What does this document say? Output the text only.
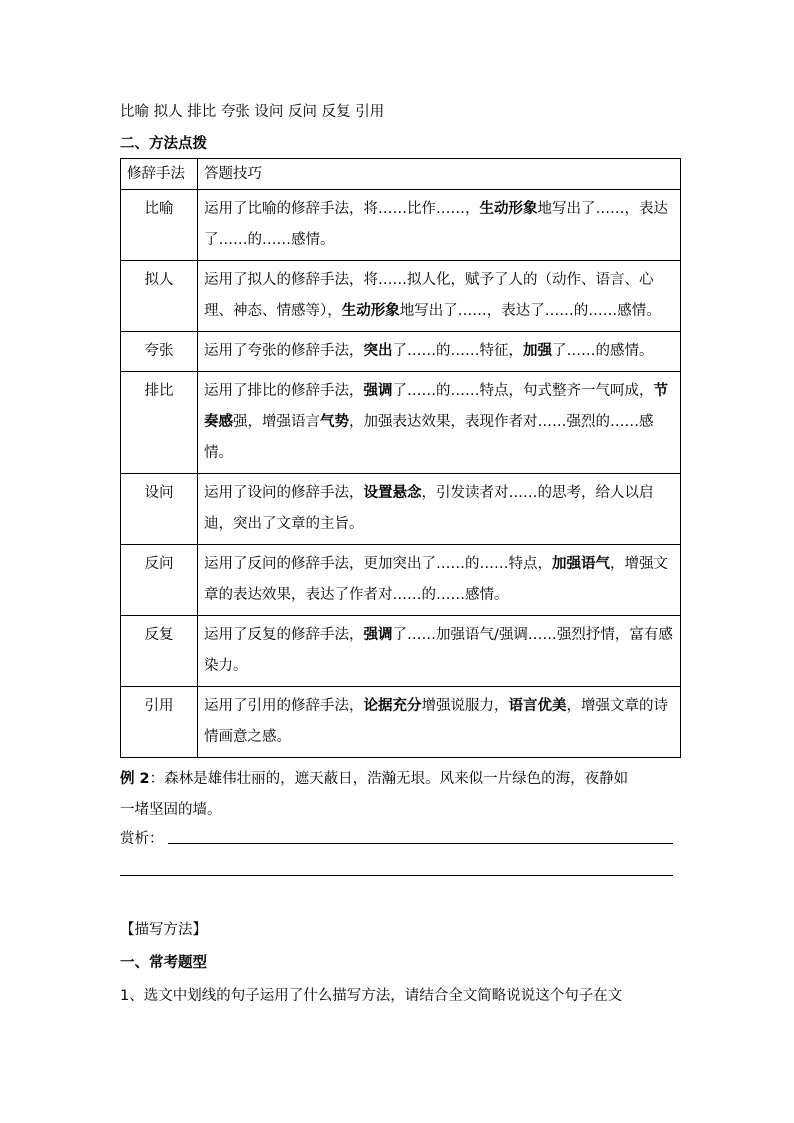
比喻 拟人 排比 夸张 设问 反问 反复 引用
二、方法点拨
修辞手法	答题技巧
比喻	运用了比喻的修辞手法，将……比作……，生动形象地写出了……，表达了……的……感情。
拟人	运用了拟人的修辞手法，将……拟人化，赋予了人的（动作、语言、心理、神态、情感等），生动形象地写出了……，表达了……的……感情。
夸张	运用了夸张的修辞手法，突出了……的……特征，加强了……的感情。
排比	运用了排比的修辞手法，强调了……的……特点，句式整齐一气呵成，节奏感强，增强语言气势，加强表达效果，表现作者对……强烈的……感情。
设问	运用了设问的修辞手法，设置悬念，引发读者对……的思考，给人以启迪，突出了文章的主旨。
反问	运用了反问的修辞手法，更加突出了……的……特点，加强语气，增强文章的表达效果，表达了作者对……的……感情。
反复	运用了反复的修辞手法，强调了……加强语气/强调……强烈抒情，富有感染力。
引用	运用了引用的修辞手法，论据充分增强说服力，语言优美，增强文章的诗情画意之感。
例 2：森林是雄伟壮丽的，遮天蔽日，浩瀚无垠。风来似一片绿色的海，夜静如
一堵坚固的墙。
赏析：
【描写方法】
一、常考题型
1、选文中划线的句子运用了什么描写方法，请结合全文简略说说这个句子在文
